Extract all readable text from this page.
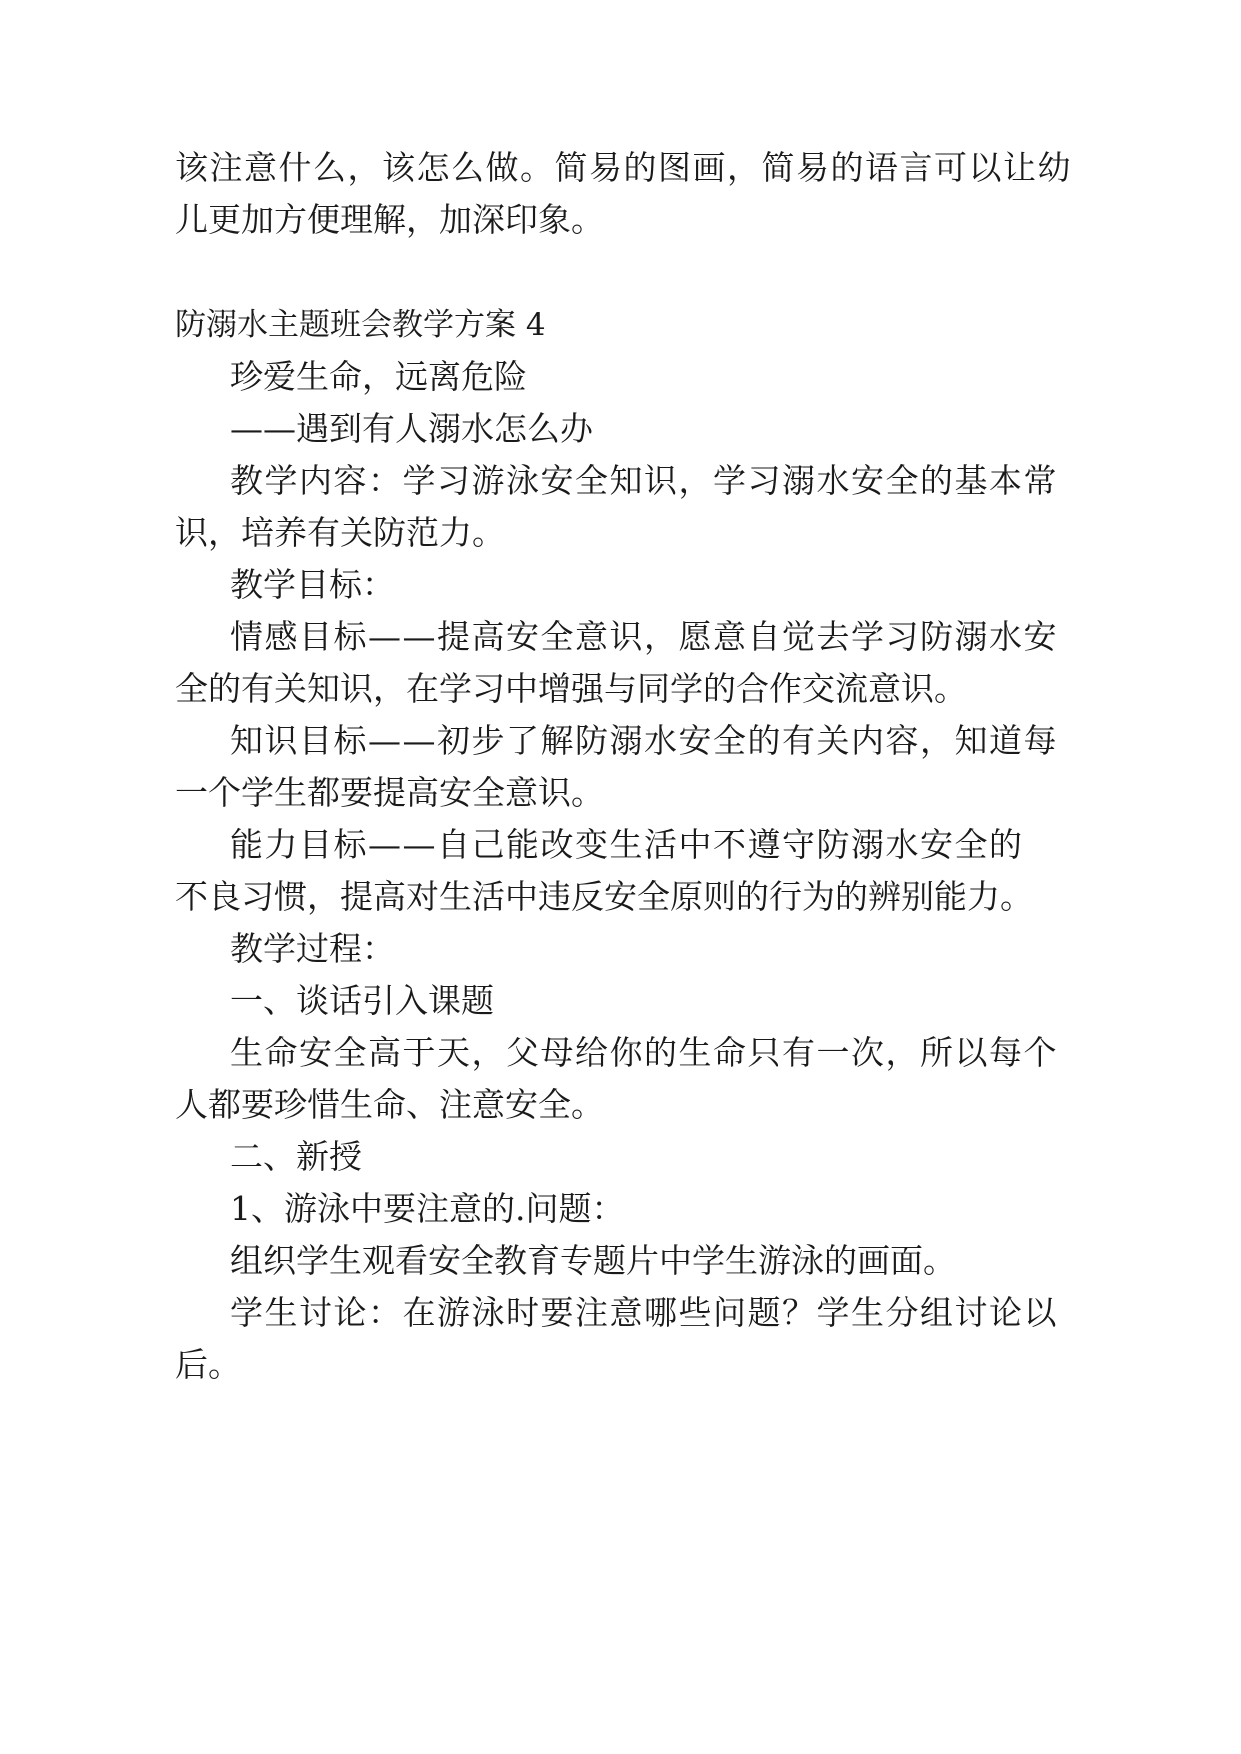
该注意什么，该怎么做。简易的图画，简易的语言可以让幼
儿更加方便理解，加深印象。
防溺水主题班会教学方案 4
珍爱生命，远离危险
——遇到有人溺水怎么办
教学内容：学习游泳安全知识，学习溺水安全的基本常
识，培养有关防范力。
教学目标：
情感目标——提高安全意识，愿意自觉去学习防溺水安
全的有关知识，在学习中增强与同学的合作交流意识。
知识目标——初步了解防溺水安全的有关内容，知道每
一个学生都要提高安全意识。
能力目标——自己能改变生活中不遵守防溺水安全的
不良习惯，提高对生活中违反安全原则的行为的辨别能力。
教学过程：
一、谈话引入课题
生命安全高于天，父母给你的生命只有一次，所以每个
人都要珍惜生命、注意安全。
二、新授
1、游泳中要注意的.问题：
组织学生观看安全教育专题片中学生游泳的画面。
学生讨论：在游泳时要注意哪些问题？学生分组讨论以
后。
